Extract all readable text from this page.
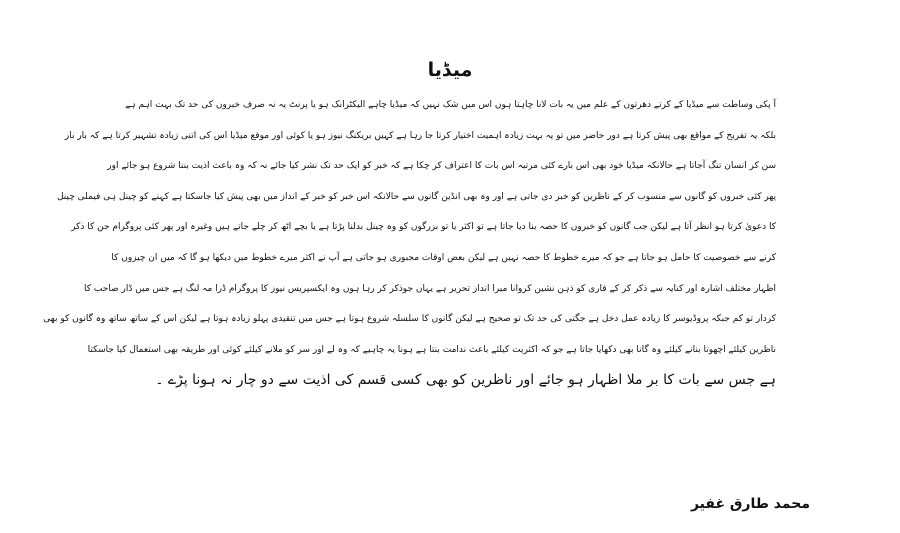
میڈیا
آ پکی وساطت سے میڈیا کے کرتے دھرتوں کے علم میں یہ بات لانا چاہتا ہوں اس میں شک نہیں کہ میڈیا چاہے الیکٹرانک ہو یا پرنٹ یہ نہ صرف خبروں کی حد تک بہت اہم ہے
بلکہ یہ تفریح کے مواقع بھی پیش کرتا ہے دور حاضر میں تو یہ بہت زیادہ اہمیت اختیار کرتا جا رہا ہے کہیں بریکنگ نیوز ہو یا کوئی اور موقع میڈیا اس کی اتنی زیادہ تشہیر کرتا ہے کہ بار بار
سن کر انسان تنگ آجاتا ہے حالانکہ میڈیا خود بھی اس بارے کئی مرتبہ اس بات کا اعتراف کر چکا ہے کہ خبر کو ایک حد تک نشر کیا جائے نہ کہ وہ باعث اذیت بننا شروع ہو جائے اور
پھر کئی خبروں کو گانوں سے منسوب کر کے ناظرین کو خبر دی جاتی ہے اور وہ بھی انڈین گانوں سے حالانکہ اس خبر کو خبر کے انداز میں بھی پیش کیا جاسکتا ہے کہنے کو چینل ہی فیملی چینل
کا دعویٰ کرتا ہو انظر آتا ہے لیکن جب گانوں کو خبروں کا حصہ بنا دیا جاتا ہے تو اکثر یا تو بزرگوں کو وہ چینل بدلنا پڑتا ہے یا بچے اٹھ کر چلے جاتے ہیں وغیرہ اور پھر کئی پروگرام جن کا ذکر
کرنے سے خصوصیت کا حامل ہو جاتا ہے جو کہ میرے خطوط کا حصہ نہیں ہے لیکن بعض اوقات مجبوری ہو جاتی ہے آپ نے اکثر میرے خطوط میں دیکھا ہو گا کہ میں ان چیزوں کا
اظہار مختلف اشارہ اور کنایہ سے ذکر کر کے قاری کو ذہن نشین کروانا میرا انداز تحریر ہے یہاں جوذکر کر رہا ہوں وہ ایکسپریس نیوز کا پروگرام ڈرا مہ لنگ ہے جس میں ڈار صاحب کا
کردار تو کم جبکہ پروڈیوسر کا زیادہ عمل دخل ہے جگتی کی حد تک تو صحیح ہے لیکن گانوں کا سلسلہ شروع ہوتا ہے جس میں تنقیدی پہلو زیادہ ہوتا ہے لیکن اس کے ساتھ ساتھ وہ گانوں کو بھی
ناظرین کیلئے اچھوتا بنانے کیلئے وہ گانا بھی دکھایا جاتا ہے جو کہ اکثریت کیلئے باعث ندامت بنتا ہے ہونا یہ چاہیے کہ وہ لے اور سر کو ملانے کیلئے کوئی اور طریقہ بھی استعمال کیا جاسکتا
ہے جس سے بات کا بر ملا اظہار ہو جائے اور ناظرین کو بھی کسی قسم کی اذیت سے دو چار نہ ہونا پڑے ۔
محمد طارق غفیر
